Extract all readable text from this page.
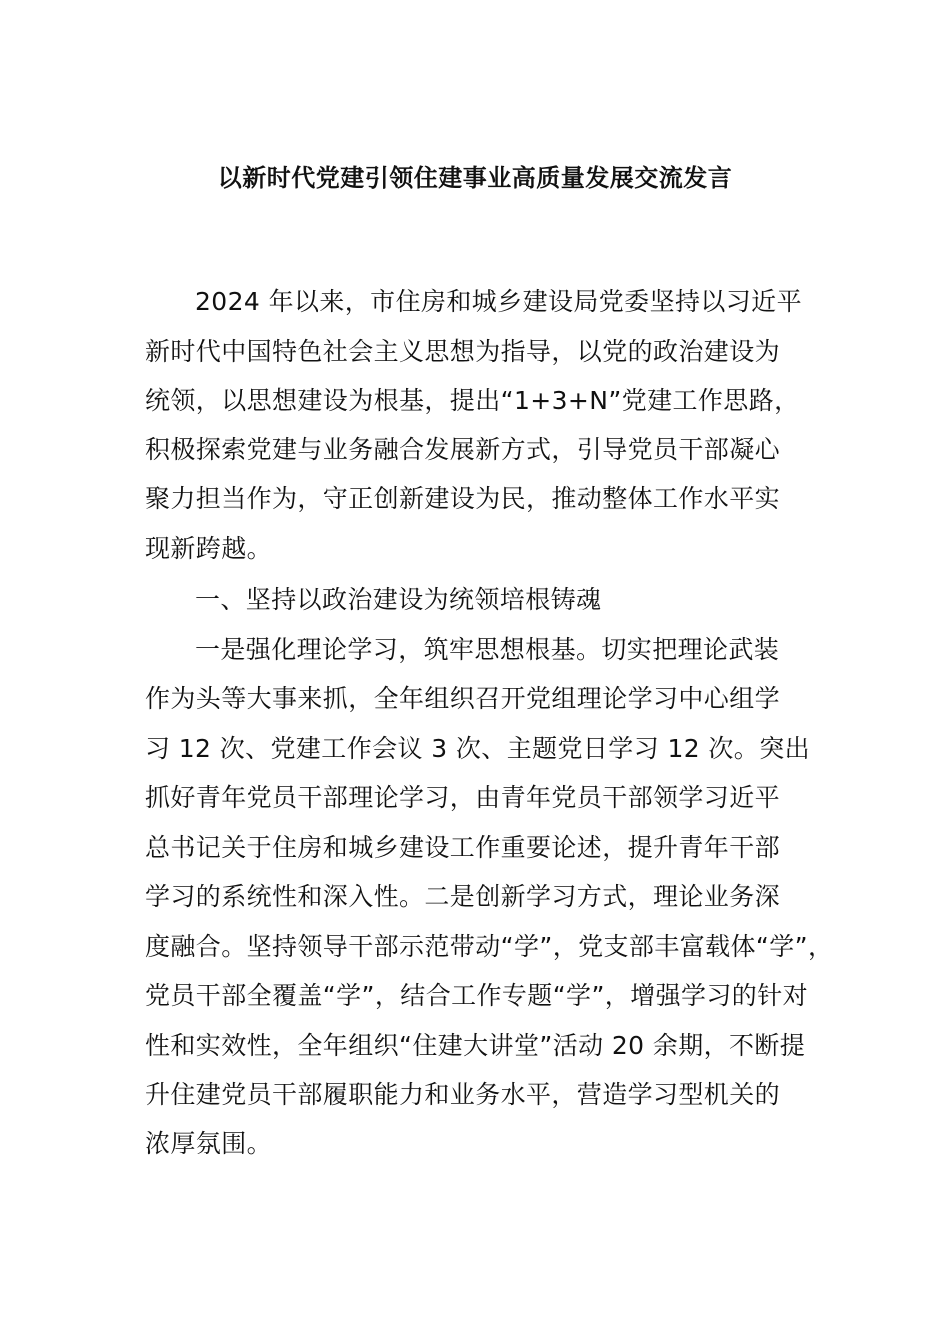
以新时代党建引领住建事业高质量发展交流发言
2024 年以来，市住房和城乡建设局党委坚持以习近平
新时代中国特色社会主义思想为指导，以党的政治建设为
统领，以思想建设为根基，提出“1+3+N”党建工作思路，
积极探索党建与业务融合发展新方式，引导党员干部凝心
聚力担当作为，守正创新建设为民，推动整体工作水平实
现新跨越。
一、坚持以政治建设为统领培根铸魂
一是强化理论学习，筑牢思想根基。切实把理论武装
作为头等大事来抓，全年组织召开党组理论学习中心组学
习 12 次、党建工作会议 3 次、主题党日学习 12 次。突出
抓好青年党员干部理论学习，由青年党员干部领学习近平
总书记关于住房和城乡建设工作重要论述，提升青年干部
学习的系统性和深入性。二是创新学习方式，理论业务深
度融合。坚持领导干部示范带动“学”，党支部丰富载体“学”，
党员干部全覆盖“学”，结合工作专题“学”，增强学习的针对
性和实效性，全年组织“住建大讲堂”活动 20 余期，不断提
升住建党员干部履职能力和业务水平，营造学习型机关的
浓厚氛围。
